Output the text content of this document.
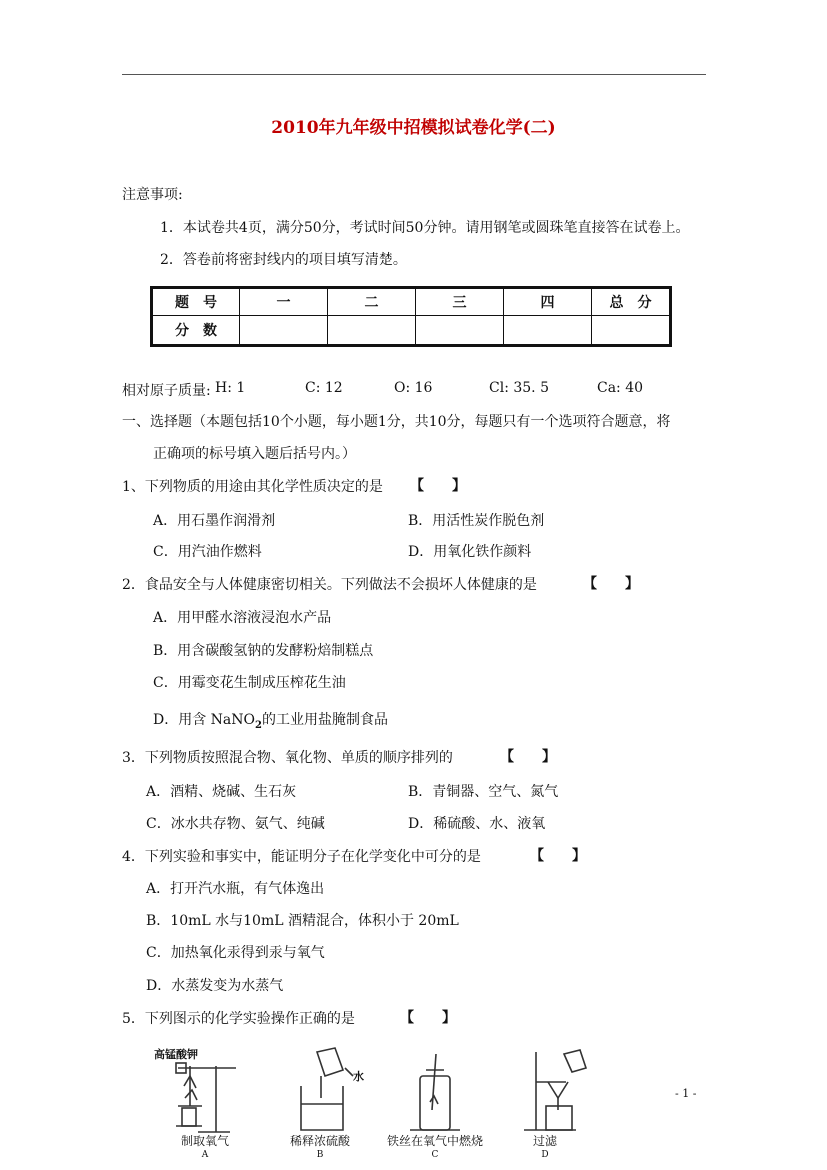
2010年九年级中招模拟试卷化学(二)
注意事项:
1．本试卷共4页，满分50分，考试时间50分钟。请用钢笔或圆珠笔直接答在试卷上。
2．答卷前将密封线内的项目填写清楚。
题　号	一	二	三	四	总　分
分　数					
相对原子质量: H: 1	C: 12	O: 16	Cl: 35. 5	Ca: 40
一、选择题（本题包括10个小题，每小题1分，共10分，每题只有一个选项符合题意，将
正确项的标号填入题后括号内。）
1、下列物质的用途由其化学性质决定的是 【　　】
A．用石墨作润滑剂	B．用活性炭作脱色剂
C．用汽油作燃料	D．用氧化铁作颜料
2．食品安全与人体健康密切相关。下列做法不会损坏人体健康的是	【　　】
A．用甲醛水溶液浸泡水产品
B．用含碳酸氢钠的发酵粉焙制糕点
C．用霉变花生制成压榨花生油
D．用含 NaNO$_2$的工业用盐腌制食品
3．下列物质按照混合物、氧化物、单质的顺序排列的	【　　】
A．酒精、烧碱、生石灰	B．青铜器、空气、氮气
C．冰水共存物、氨气、纯碱	D．稀硫酸、水、液氧
4．下列实验和事实中，能证明分子在化学变化中可分的是	【　　】
A．打开汽水瓶，有气体逸出
B．10mL 水与10mL 酒精混合，体积小于 20mL
C．加热氧化汞得到汞与氧气
D．水蒸发变为水蒸气
5．下列图示的化学实验操作正确的是	【　　】
高锰酸钾
制取氧气
A
水
稀释浓硫酸
B
铁丝在氧气中燃烧
C
过滤
D
- 1 -
